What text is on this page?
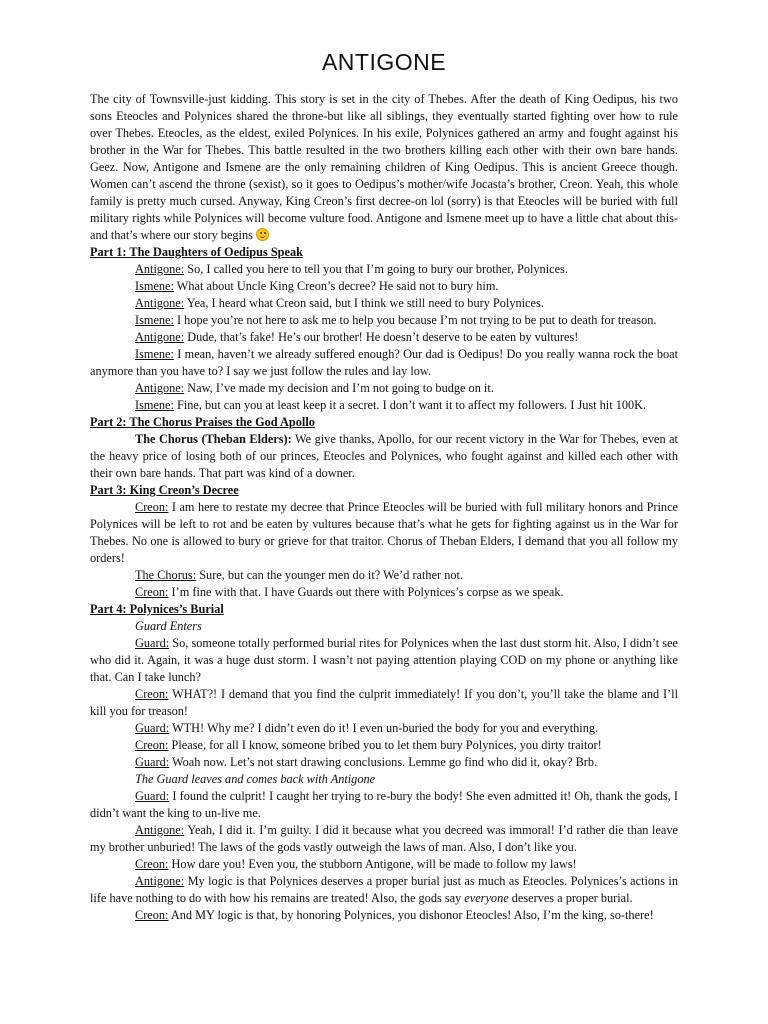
ANTIGONE

The city of Townsville-just kidding. This story is set in the city of Thebes. After the death of King Oedipus, his two sons Eteocles and Polynices shared the throne-but like all siblings, they eventually started fighting over how to rule over Thebes. Eteocles, as the eldest, exiled Polynices. In his exile, Polynices gathered an army and fought against his brother in the War for Thebes. This battle resulted in the two brothers killing each other with their own bare hands. Geez. Now, Antigone and Ismene are the only remaining children of King Oedipus. This is ancient Greece though. Women can’t ascend the throne (sexist), so it goes to Oedipus’s mother/wife Jocasta’s brother, Creon. Yeah, this whole family is pretty much cursed. Anyway, King Creon’s first decree-on lol (sorry) is that Eteocles will be buried with full military rights while Polynices will become vulture food. Antigone and Ismene meet up to have a little chat about this-and that’s where our story begins

Part 1: The Daughters of Oedipus Speak

Antigone: So, I called you here to tell you that I’m going to bury our brother, Polynices.

Ismene: What about Uncle King Creon’s decree? He said not to bury him.

Antigone: Yea, I heard what Creon said, but I think we still need to bury Polynices.

Ismene: I hope you’re not here to ask me to help you because I’m not trying to be put to death for treason.

Antigone: Dude, that’s fake! He’s our brother! He doesn’t deserve to be eaten by vultures!

Ismene: I mean, haven’t we already suffered enough? Our dad is Oedipus! Do you really wanna rock the boat anymore than you have to? I say we just follow the rules and lay low.

Antigone: Naw, I’ve made my decision and I’m not going to budge on it.

Ismene: Fine, but can you at least keep it a secret. I don’t want it to affect my followers. I Just hit 100K.

Part 2: The Chorus Praises the God Apollo

The Chorus (Theban Elders): We give thanks, Apollo, for our recent victory in the War for Thebes, even at the heavy price of losing both of our princes, Eteocles and Polynices, who fought against and killed each other with their own bare hands. That part was kind of a downer.

Part 3: King Creon’s Decree

Creon: I am here to restate my decree that Prince Eteocles will be buried with full military honors and Prince Polynices will be left to rot and be eaten by vultures because that’s what he gets for fighting against us in the War for Thebes. No one is allowed to bury or grieve for that traitor. Chorus of Theban Elders, I demand that you all follow my orders!

The Chorus: Sure, but can the younger men do it? We’d rather not.

Creon: I’m fine with that. I have Guards out there with Polynices’s corpse as we speak.

Part 4: Polynices’s Burial

Guard Enters

Guard: So, someone totally performed burial rites for Polynices when the last dust storm hit. Also, I didn’t see who did it. Again, it was a huge dust storm. I wasn’t not paying attention playing COD on my phone or anything like that. Can I take lunch?

Creon: WHAT?! I demand that you find the culprit immediately! If you don’t, you’ll take the blame and I’ll kill you for treason!

Guard: WTH! Why me? I didn’t even do it! I even un-buried the body for you and everything.

Creon: Please, for all I know, someone bribed you to let them bury Polynices, you dirty traitor!

Guard: Woah now. Let’s not start drawing conclusions. Lemme go find who did it, okay? Brb.

The Guard leaves and comes back with Antigone

Guard: I found the culprit! I caught her trying to re-bury the body! She even admitted it! Oh, thank the gods, I didn’t want the king to un-live me.

Antigone: Yeah, I did it. I’m guilty. I did it because what you decreed was immoral! I’d rather die than leave my brother unburied! The laws of the gods vastly outweigh the laws of man. Also, I don’t like you.

Creon: How dare you! Even you, the stubborn Antigone, will be made to follow my laws!

Antigone: My logic is that Polynices deserves a proper burial just as much as Eteocles. Polynices’s actions in life have nothing to do with how his remains are treated! Also, the gods say everyone deserves a proper burial.

Creon: And MY logic is that, by honoring Polynices, you dishonor Eteocles! Also, I’m the king, so-there!
